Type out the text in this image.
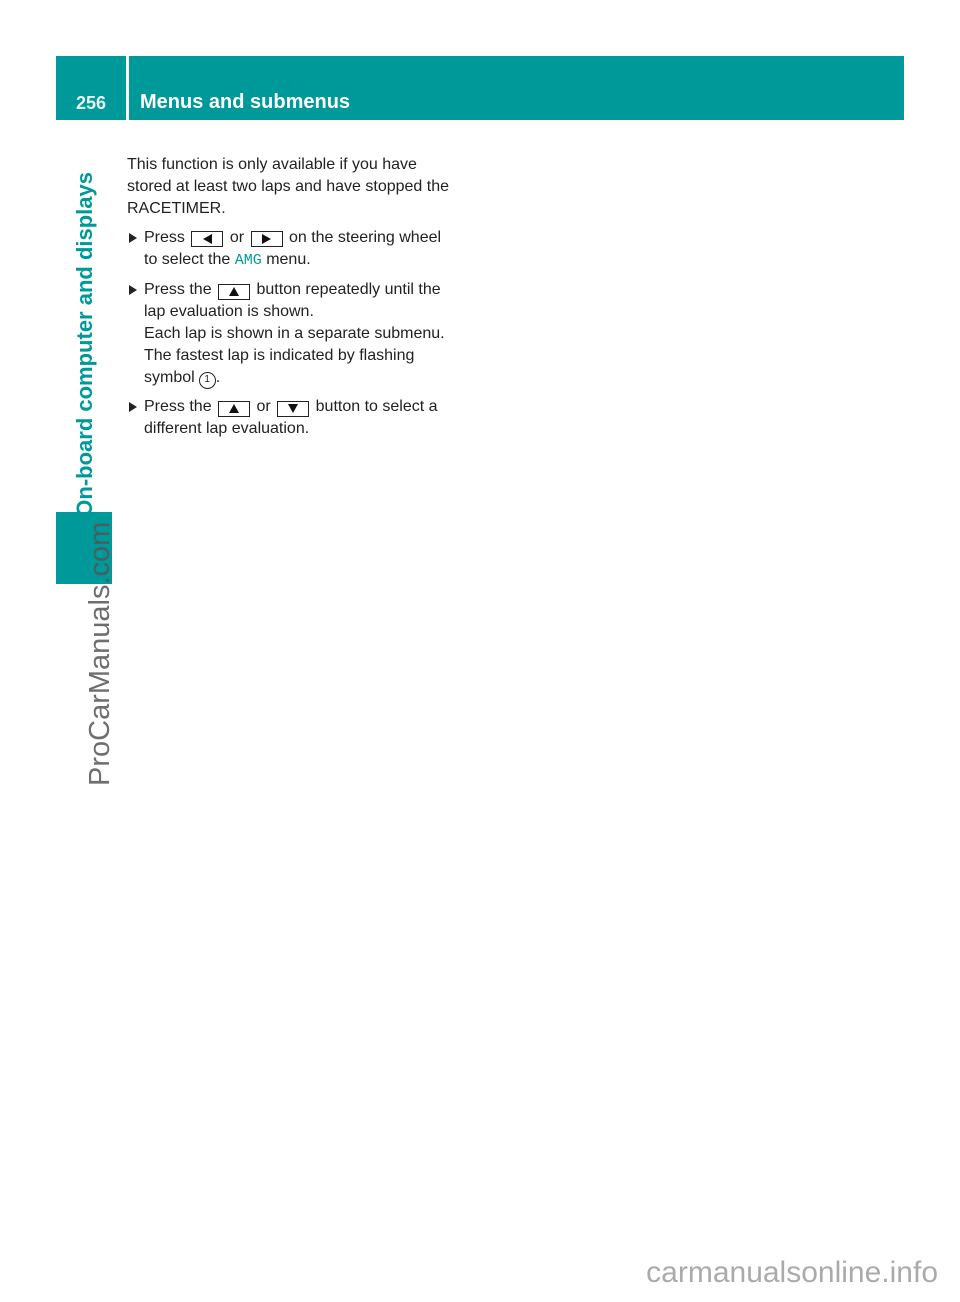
256	Menus and submenus
On-board computer and displays
ProCarManuals.com

This function is only available if you have
stored at least two laps and have stopped the
RACETIMER.

Press	or	on the steering wheel
to select the AMG menu.
Press the	button repeatedly until the
lap evaluation is shown.
Each lap is shown in a separate submenu.
The fastest lap is indicated by flashing
symbol 1 .
Press the	or	button to select a
different lap evaluation.
carmanualsonline.info
